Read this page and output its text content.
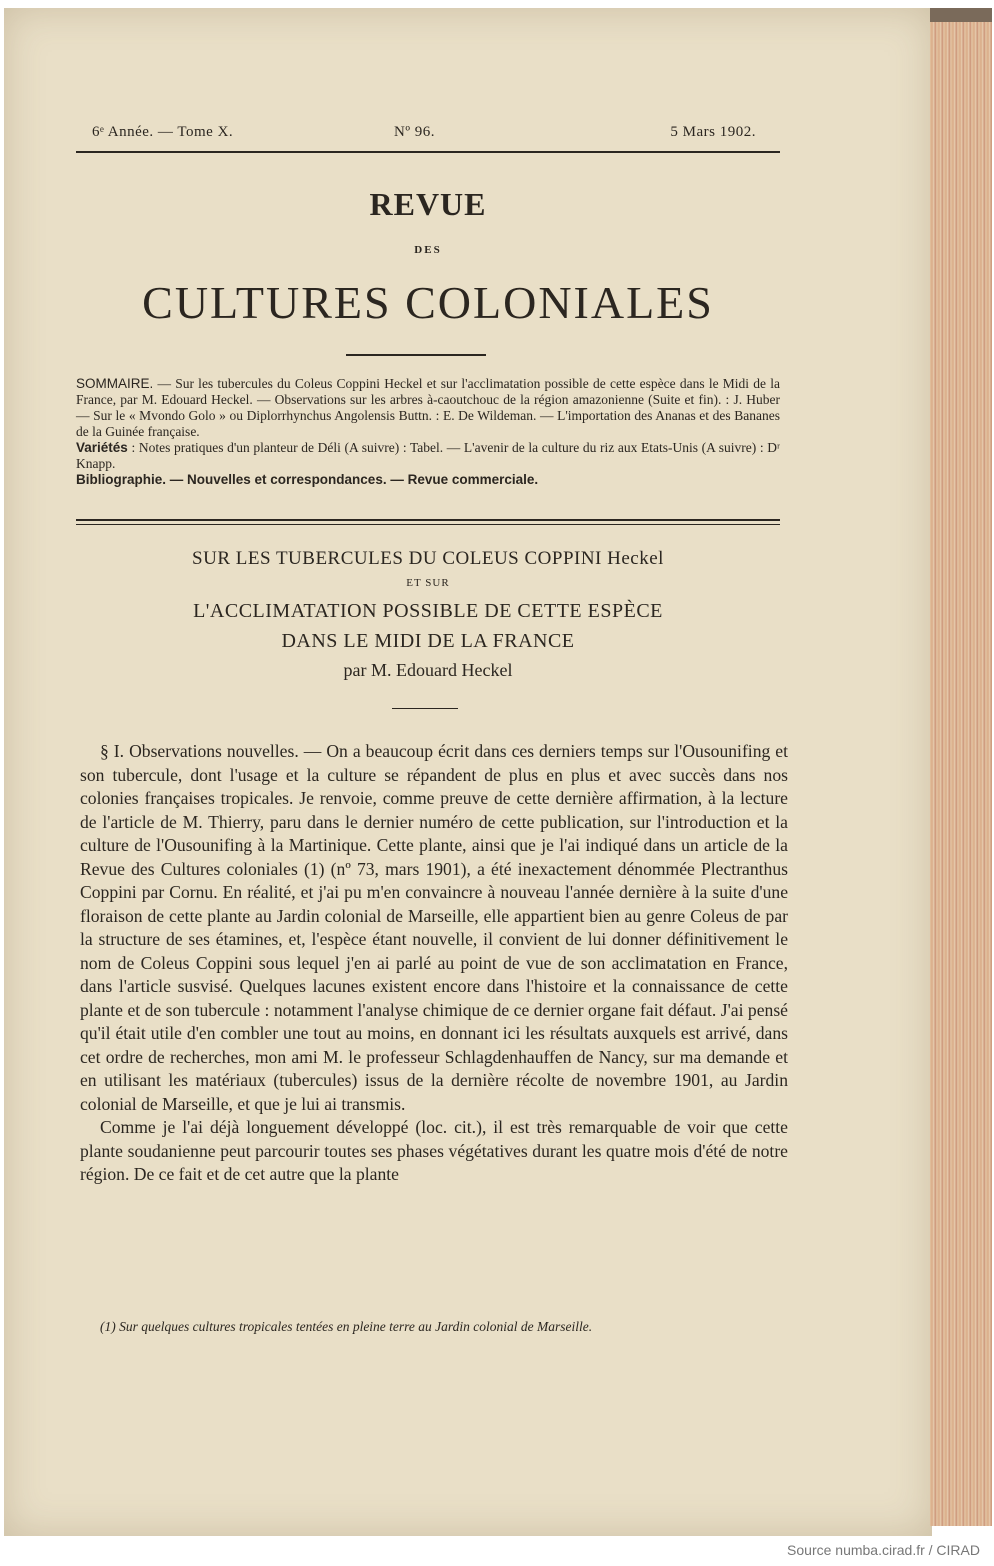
6ᵉ Année. — Tome X.	Nº 96.	5 Mars 1902.
REVUE
DES
CULTURES COLONIALES

SOMMAIRE. — Sur les tubercules du Coleus Coppini Heckel et sur l'acclimatation possible de cette espèce dans le Midi de la France, par M. Edouard Heckel. — Observations sur les arbres à-caoutchouc de la région amazonienne (Suite et fin). : J. Huber — Sur le « Mvondo Golo » ou Diplorrhynchus Angolensis Buttn. : E. De Wildeman. — L'importation des Ananas et des Bananes de la Guinée française.

Variétés : Notes pratiques d'un planteur de Déli (A suivre) : Tabel. — L'avenir de la culture du riz aux Etats-Unis (A suivre) : Dʳ Knapp.

Bibliographie. — Nouvelles et correspondances. — Revue commerciale.

SUR LES TUBERCULES DU COLEUS COPPINI Heckel
ET SUR
L'ACCLIMATATION POSSIBLE DE CETTE ESPÈCE
DANS LE MIDI DE LA FRANCE
par M. Edouard Heckel

§ I. Observations nouvelles. — On a beaucoup écrit dans ces derniers temps sur l'Ousounifing et son tubercule, dont l'usage et la culture se répandent de plus en plus et avec succès dans nos colonies françaises tropicales. Je renvoie, comme preuve de cette dernière affirmation, à la lecture de l'article de M. Thierry, paru dans le dernier numéro de cette publication, sur l'introduction et la culture de l'Ousounifing à la Martinique. Cette plante, ainsi que je l'ai indiqué dans un article de la Revue des Cultures coloniales (1) (nº 73, mars 1901), a été inexactement dénommée Plectranthus Coppini par Cornu. En réalité, et j'ai pu m'en convaincre à nouveau l'année dernière à la suite d'une floraison de cette plante au Jardin colonial de Marseille, elle appartient bien au genre Coleus de par la structure de ses étamines, et, l'espèce étant nouvelle, il convient de lui donner définitivement le nom de Coleus Coppini sous lequel j'en ai parlé au point de vue de son acclimatation en France, dans l'article susvisé. Quelques lacunes existent encore dans l'histoire et la connaissance de cette plante et de son tubercule : notamment l'analyse chimique de ce dernier organe fait défaut. J'ai pensé qu'il était utile d'en combler une tout au moins, en donnant ici les résultats auxquels est arrivé, dans cet ordre de recherches, mon ami M. le professeur Schlagdenhauffen de Nancy, sur ma demande et en utilisant les matériaux (tubercules) issus de la dernière récolte de novembre 1901, au Jardin colonial de Marseille, et que je lui ai transmis.

Comme je l'ai déjà longuement développé (loc. cit.), il est très remarquable de voir que cette plante soudanienne peut parcourir toutes ses phases végétatives durant les quatre mois d'été de notre région. De ce fait et de cet autre que la plante

(1) Sur quelques cultures tropicales tentées en pleine terre au Jardin colonial de Marseille.
Source numba.cirad.fr / CIRAD
